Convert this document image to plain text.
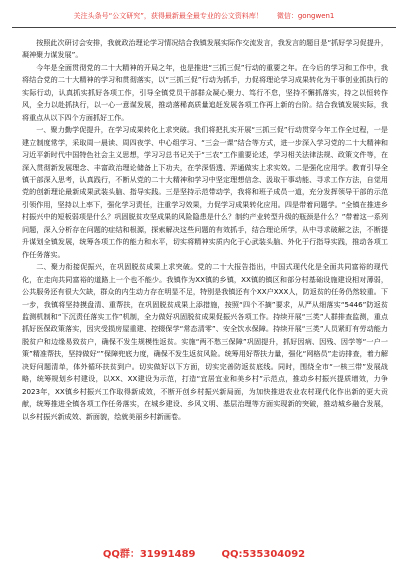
关注头条号“公文研究”，获得最新最全最专业的公文资料库！ 微信：gongwen1

按照此次研讨会安排，我就政治理论学习情况结合我镇发展实际作交流发言，我发言的题目是“抓好学习促提升，凝神聚力谋发展”。

今年是全面贯彻党的二十大精神的开局之年，也是推进“三抓三促”行动的重要之年。在今后的学习和工作中，我将结合党的二十大精神的学习和贯彻落实，以“三抓三促”行动为抓手，力促将理论学习成果转化为干事创业抓执行的实际行动，认真抓实抓好各项工作，引导全镇党员干部群众凝心聚力、笃行不怠，坚持不懈抓落实，持之以恒转作风，全力以赴抓执行，以一心一意谋发展，推动落稀高质量追赶发展各项工作再上新的台阶。结合我镇发展实际，我将重点从以下四个方面抓好工作。

一、聚力勤学促提升，在学习成果转化上求突破。我们将把扎实开展“三抓三促”行动贯穿今年工作全过程，一是建立制度常学，采取周一晨读、周四夜学、中心组学习、“三会一课”结合等方式，进一步深入学习党的二十大精神和习近平新时代中国特色社会主义思想，学习习总书记关于“三农”工作重要论述，学习相关法律法规、政策文件等，在深入贯彻新发展理念、丰富政治理论储备上下功夫，在学深悟透、弄通做实上求实效。二是强化应用学。教育引导全镇干部深入思考，认真践行，不断从党的二十大精神和学习中坚定理想信念、汲取干事动能、寻求工作方法，自觉用党的创新理论最新成果武装头脑、指导实践。三是坚持示范带动学，我将和班子成员一道，充分发挥领导干部的示范引领作用，坚持以上率下，强化学习责任，注重学习效果，力促学习成果转化应用。四是带着问题学。“全镇在推进乡村振兴中的短板弱项是什么？巩固脱贫攻坚成果的风险隐患是什么？制约产业转型升级的瓶颈是什么？”带着这一系列问题，深入分析存在问题的症结和根源，探索解决这些问题的有效抓手，结合理论所学，从中寻求破解之法，不断提升谋划全镇发展，统筹各项工作的能力和水平，切实将精神实质内化于心武装头脑、外化于行指导实践，推动各项工作任务落实。

二、聚力衔接促振兴，在巩固脱贫成果上求突破。党的二十大报告指出，中国式现代化是全面共同富裕的现代化，在走向共同富裕的道路上一个也不能少。我镇作为XX镇的乡镇，XX镇的镇区和部分村基础设施建设相对薄弱，公共服务还有很大欠缺，群众的内生动力存在明显不足，特别是我镇还有个XX户XXX人，防返贫的任务仍然较重。下一步，我镇将坚持摸盘清、重帮扶，在巩固脱贫成果上添措施，按照“四个不摘”要求，从严从细落实“5446”防返贫监测机制和“下沉责任落实工作”机制，全力做好巩固脱贫成果促振兴各项工作。持续开展“三类”人群排查监测，重点抓好医保政策落实，因灾受损房屋重建、控辍保学“常态清零”、安全饮水保障。持续开展“三类”人员紧盯有劳动能力脱贫户和边缘易致贫户，确保不发生规模性返贫。实施“两不愁三保障”巩固提升，抓好因病、因残、因学等“一户一策”精准帮扶，坚持做好“”保障兜底力度，确保不发生返贫风险。统筹用好帮扶力量，强化“网格员”走访排查，着力解决好问题清单，体外循环扶贫到户。切实做好以下方面，切实完善防返贫底线。同时，围绕全市“一核三带”发展战略，统筹规划乡村建设，以XX、XX建设为示范，打造“宜居宜业和美乡村”示范点，推动乡村振兴提质增效，力争2023年，XX镇乡村振兴工作取得新成效，不断开创乡村振兴新局面，为加快推进农业农村现代化作出新的更大贡献，统筹推进全镇各项工作任务落实，在城乡建设、乡风文明、基层治理等方面实现新的突破，推动城乡融合发展，以乡村振兴新成效、新面貌，绘就美丽乡村新画卷。

QQ群：31991489	QQ:535304092
